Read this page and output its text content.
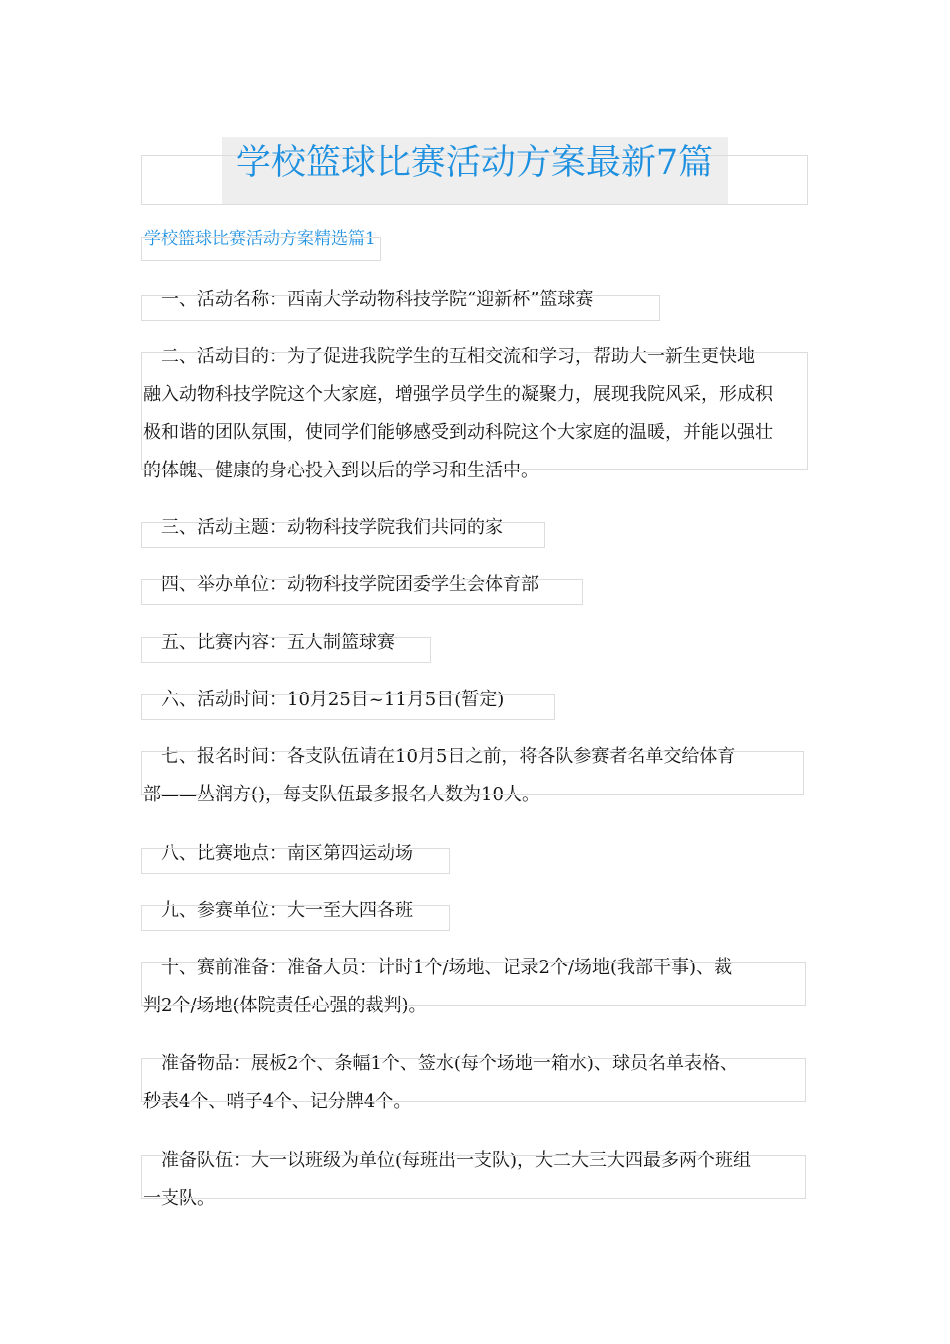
学校篮球比赛活动方案最新7篇
学校篮球比赛活动方案精选篇1
　一、活动名称：西南大学动物科技学院“迎新杯”篮球赛
　二、活动目的：为了促进我院学生的互相交流和学习，帮助大一新生更快地
融入动物科技学院这个大家庭，增强学员学生的凝聚力，展现我院风采，形成积
极和谐的团队氛围，使同学们能够感受到动科院这个大家庭的温暖，并能以强壮
的体魄、健康的身心投入到以后的学习和生活中。
　三、活动主题：动物科技学院我们共同的家
　四、举办单位：动物科技学院团委学生会体育部
　五、比赛内容：五人制篮球赛
　六、活动时间：10月25日~11月5日(暂定)
　七、报名时间：各支队伍请在10月5日之前，将各队参赛者名单交给体育
部——丛润方()，每支队伍最多报名人数为10人。
　八、比赛地点：南区第四运动场
　九、参赛单位：大一至大四各班
　十、赛前准备：准备人员：计时1个/场地、记录2个/场地(我部干事)、裁
判2个/场地(体院责任心强的裁判)。
　准备物品：展板2个、条幅1个、签水(每个场地一箱水)、球员名单表格、
秒表4个、哨子4个、记分牌4个。
　准备队伍：大一以班级为单位(每班出一支队)，大二大三大四最多两个班组
一支队。
